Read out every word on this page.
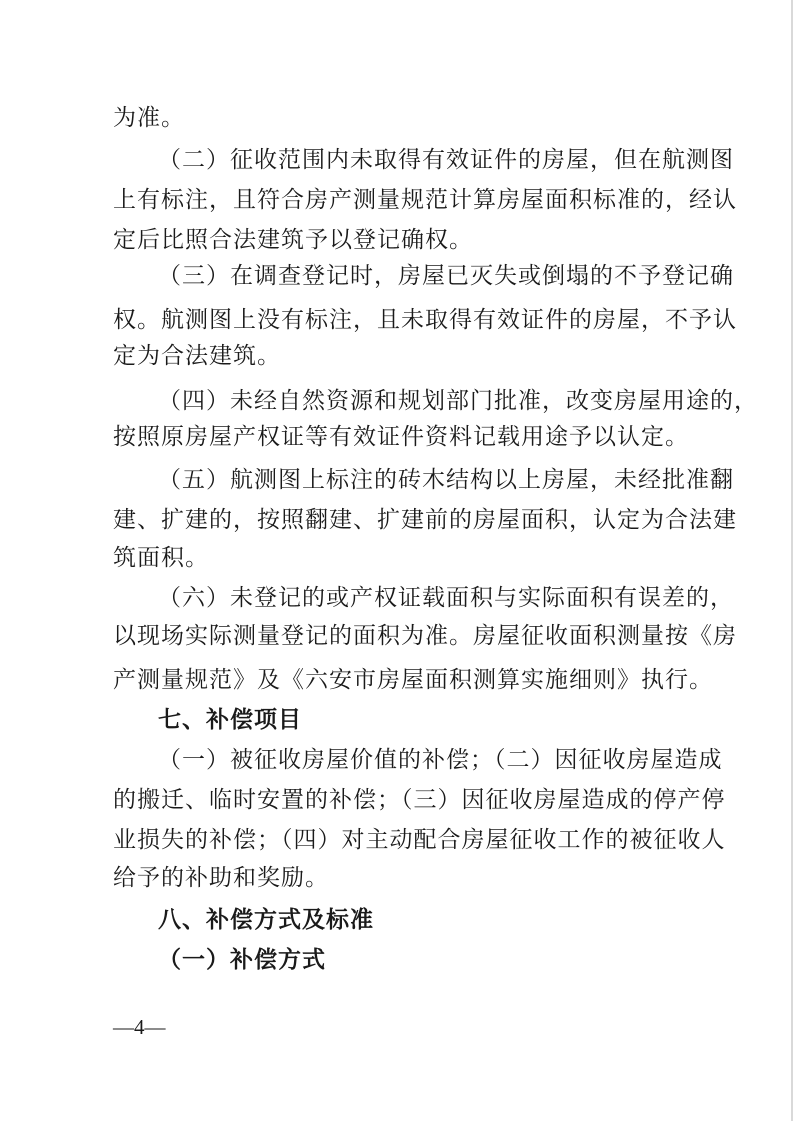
为准。
（二）征收范围内未取得有效证件的房屋，但在航测图
上有标注，且符合房产测量规范计算房屋面积标准的，经认
定后比照合法建筑予以登记确权。
（三）在调查登记时，房屋已灭失或倒塌的不予登记确
权。航测图上没有标注，且未取得有效证件的房屋，不予认
定为合法建筑。
（四）未经自然资源和规划部门批准，改变房屋用途的，
按照原房屋产权证等有效证件资料记载用途予以认定。
（五）航测图上标注的砖木结构以上房屋，未经批准翻
建、扩建的，按照翻建、扩建前的房屋面积，认定为合法建
筑面积。
（六）未登记的或产权证载面积与实际面积有误差的，
以现场实际测量登记的面积为准。房屋征收面积测量按《房
产测量规范》及《六安市房屋面积测算实施细则》执行。
七、补偿项目
（一）被征收房屋价值的补偿；（二）因征收房屋造成
的搬迁、临时安置的补偿；（三）因征收房屋造成的停产停
业损失的补偿；（四）对主动配合房屋征收工作的被征收人
给予的补助和奖励。
八、补偿方式及标准
（一）补偿方式
—4—
